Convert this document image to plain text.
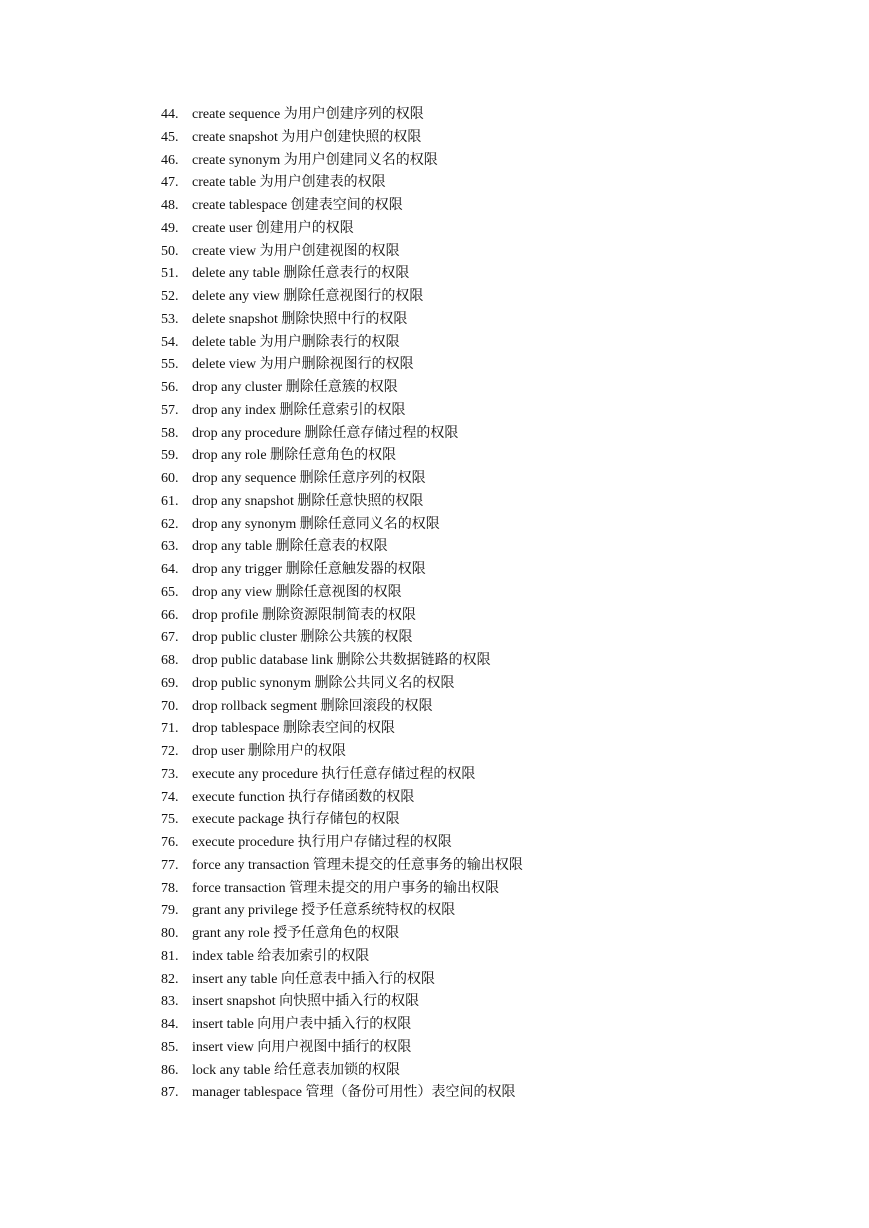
44. create sequence 为用户创建序列的权限
45. create snapshot 为用户创建快照的权限
46. create synonym 为用户创建同义名的权限
47. create table 为用户创建表的权限
48. create tablespace 创建表空间的权限
49. create user 创建用户的权限
50. create view 为用户创建视图的权限
51. delete any table 删除任意表行的权限
52. delete any view 删除任意视图行的权限
53. delete snapshot 删除快照中行的权限
54. delete table 为用户删除表行的权限
55. delete view 为用户删除视图行的权限
56. drop any cluster 删除任意簇的权限
57. drop any index 删除任意索引的权限
58. drop any procedure 删除任意存储过程的权限
59. drop any role 删除任意角色的权限
60. drop any sequence 删除任意序列的权限
61. drop any snapshot 删除任意快照的权限
62. drop any synonym 删除任意同义名的权限
63. drop any table 删除任意表的权限
64. drop any trigger 删除任意触发器的权限
65. drop any view 删除任意视图的权限
66. drop profile 删除资源限制简表的权限
67. drop public cluster 删除公共簇的权限
68. drop public database link 删除公共数据链路的权限
69. drop public synonym 删除公共同义名的权限
70. drop rollback segment 删除回滚段的权限
71. drop tablespace 删除表空间的权限
72. drop user 删除用户的权限
73. execute any procedure 执行任意存储过程的权限
74. execute function 执行存储函数的权限
75. execute package 执行存储包的权限
76. execute procedure 执行用户存储过程的权限
77. force any transaction 管理未提交的任意事务的输出权限
78. force transaction 管理未提交的用户事务的输出权限
79. grant any privilege 授予任意系统特权的权限
80. grant any role 授予任意角色的权限
81. index table 给表加索引的权限
82. insert any table 向任意表中插入行的权限
83. insert snapshot 向快照中插入行的权限
84. insert table 向用户表中插入行的权限
85. insert view 向用户视图中插行的权限
86. lock any table 给任意表加锁的权限
87. manager tablespace 管理（备份可用性）表空间的权限
